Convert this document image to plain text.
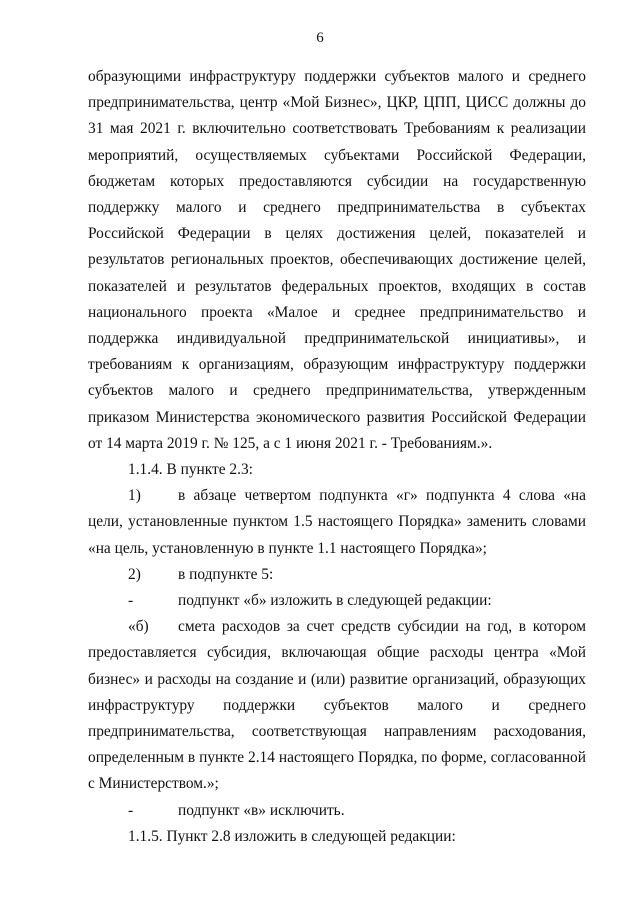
6

образующими инфраструктуру поддержки субъектов малого и среднего предпринимательства, центр «Мой Бизнес», ЦКР, ЦПП, ЦИСС должны до 31 мая 2021 г. включительно соответствовать Требованиям к реализации мероприятий, осуществляемых субъектами Российской Федерации, бюджетам которых предоставляются субсидии на государственную поддержку малого и среднего предпринимательства в субъектах Российской Федерации в целях достижения целей, показателей и результатов региональных проектов, обеспечивающих достижение целей, показателей и результатов федеральных проектов, входящих в состав национального проекта «Малое и среднее предпринимательство и поддержка индивидуальной предпринимательской инициативы», и требованиям к организациям, образующим инфраструктуру поддержки субъектов малого и среднего предпринимательства, утвержденным приказом Министерства экономического развития Российской Федерации от 14 марта 2019 г. № 125, а с 1 июня 2021 г. - Требованиям.».

1.1.4. В пункте 2.3:

1) в абзаце четвертом подпункта «г» подпункта 4 слова «на цели, установленные пунктом 1.5 настоящего Порядка» заменить словами «на цель, установленную в пункте 1.1 настоящего Порядка»;

2) в подпункте 5:

-	подпункт «б» изложить в следующей редакции:

«б) смета расходов за счет средств субсидии на год, в котором предоставляется субсидия, включающая общие расходы центра «Мой бизнес» и расходы на создание и (или) развитие организаций, образующих инфраструктуру поддержки субъектов малого и среднего предпринимательства, соответствующая направлениям расходования, определенным в пункте 2.14 настоящего Порядка, по форме, согласованной с Министерством.»;

-	подпункт «в» исключить.

1.1.5. Пункт 2.8 изложить в следующей редакции:
